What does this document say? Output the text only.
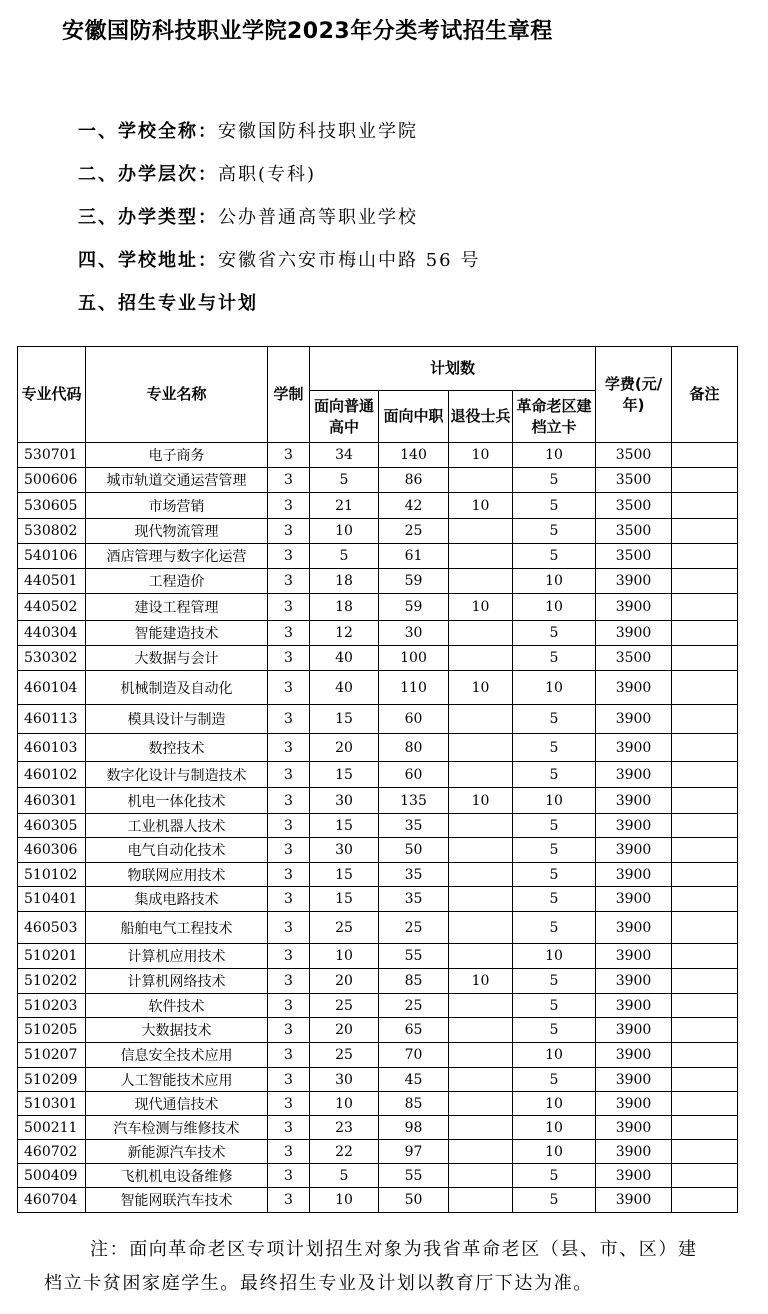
安徽国防科技职业学院2023年分类考试招生章程
一、学校全称： 安徽国防科技职业学院
二、办学层次： 高职(专科)
三、办学类型： 公办普通高等职业学校
四、学校地址： 安徽省六安市梅山中路 56 号
五、招生专业与计划
专业代码	专业名称	学制	计划数				学费(元/年)	备注
			面向普通高中	面向中职	退役士兵	革命老区建档立卡		
530701	电子商务	3	34	140	10	10	3500	
500606	城市轨道交通运营管理	3	5	86		5	3500	
530605	市场营销	3	21	42	10	5	3500	
530802	现代物流管理	3	10	25		5	3500	
540106	酒店管理与数字化运营	3	5	61		5	3500	
440501	工程造价	3	18	59		10	3900	
440502	建设工程管理	3	18	59	10	10	3900	
440304	智能建造技术	3	12	30		5	3900	
530302	大数据与会计	3	40	100		5	3500	
460104	机械制造及自动化	3	40	110	10	10	3900	
460113	模具设计与制造	3	15	60		5	3900	
460103	数控技术	3	20	80		5	3900	
460102	数字化设计与制造技术	3	15	60		5	3900	
460301	机电一体化技术	3	30	135	10	10	3900	
460305	工业机器人技术	3	15	35		5	3900	
460306	电气自动化技术	3	30	50		5	3900	
510102	物联网应用技术	3	15	35		5	3900	
510401	集成电路技术	3	15	35		5	3900	
460503	船舶电气工程技术	3	25	25		5	3900	
510201	计算机应用技术	3	10	55		10	3900	
510202	计算机网络技术	3	20	85	10	5	3900	
510203	软件技术	3	25	25		5	3900	
510205	大数据技术	3	20	65		5	3900	
510207	信息安全技术应用	3	25	70		10	3900	
510209	人工智能技术应用	3	30	45		5	3900	
510301	现代通信技术	3	10	85		10	3900	
500211	汽车检测与维修技术	3	23	98		10	3900	
460702	新能源汽车技术	3	22	97		10	3900	
500409	飞机机电设备维修	3	5	55		5	3900	
460704	智能网联汽车技术	3	10	50		5	3900	
注：面向革命老区专项计划招生对象为我省革命老区（县、市、区）建
档立卡贫困家庭学生。最终招生专业及计划以教育厅下达为准。
